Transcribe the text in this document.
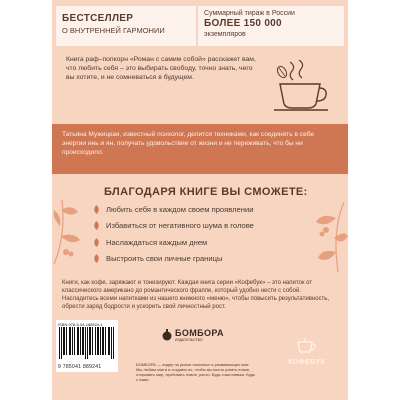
БЕСТСЕЛЛЕР
О ВНУТРЕННЕЙ ГАРМОНИИ
Суммарный тираж в России
БОЛЕЕ 150 000
экземпляров

Книга раф–попкорн «Роман с самим собой» расскажет вам, что любить себя – это выбирать свободу, точно знать, чего вы хотите, и не сомневаться в будущем.

Татьяна Мужицкая, известный психолог, делится техниками, как соединять в себе энергии инь и ян, получать удовольствие от жизни и не переживать, что бы ни происходило.

БЛАГОДАРЯ КНИГЕ ВЫ СМОЖЕТЕ:
Любить себя в каждом своем проявлении
Избавиться от негативного шума в голове
Наслаждаться каждым днем
Выстроить свои личные границы

Книги, как кофе, заряжают и тонизируют. Каждая книга серии «Кофебук» – это напиток от классического американо до романтического фраппе, который удобно нести с собой.

Насладитесь всеми напитками из нашего книжного «меню», чтобы повысить результативность, обрести заряд бодрости и ускорить свой личностный рост.

ISBN 978-5-04-188924-1
9 785041 889241
БОМБОРА
ИЗДАТЕЛЬСТВО

БОМБОРА — лидер на рынке полезных и развивающих книг. Мы любим книги и создаем их, чтобы вы могли узнать новое, открывать мир, пробовать новое, расти. Будь счастливым. Будь с нами.

КОФЕБУК
